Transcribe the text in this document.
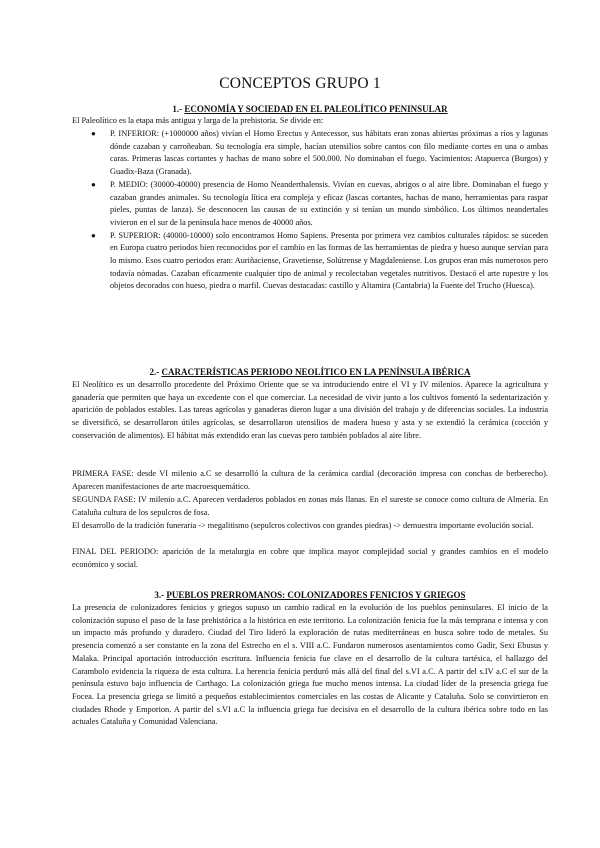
CONCEPTOS GRUPO 1
1.- ECONOMÍA Y SOCIEDAD EN EL PALEOLÍTICO PENINSULAR

El Paleolítico es la etapa más antigua y larga de la prehistoria. Se divide en:

● P. INFERIOR: (+1000000 años) vivían el Homo Erectus y Antecessor, sus hábitats eran zonas abiertas próximas a ríos y lagunas dónde cazaban y carroñeaban. Su tecnología era simple, hacían utensilios sobre cantos con filo mediante cortes en una o ambas caras. Primeras lascas cortantes y hachas de mano sobre el 500.000. No dominaban el fuego. Yacimientos: Atapuerca (Burgos) y Guadix-Baza (Granada).
● P. MEDIO: (30000-40000) presencia de Homo Neanderthalensis. Vivían en cuevas, abrigos o al aire libre. Dominaban el fuego y cazaban grandes animales. Su tecnología lítica era compleja y eficaz (lascas cortantes, hachas de mano, herramientas para raspar pieles, puntas de lanza). Se desconocen las causas de su extinción y si tenían un mundo simbólico. Los últimos neandertales vivieron en el sur de la península hace menos de 40000 años.
● P. SUPERIOR: (40000-10000) solo encontramos Homo Sapiens. Presenta por primera vez cambios culturales rápidos: se suceden en Europa cuatro periodos bien reconocidos por el cambio en las formas de las herramientas de piedra y hueso aunque servían para lo mismo. Esos cuatro periodos eran: Auriñaciense, Gravetiense, Solútrense y Magdaleniense. Los grupos eran más numerosos pero todavía nómadas. Cazaban eficazmente cualquier tipo de animal y recolectaban vegetales nutritivos. Destacó el arte rupestre y los objetos decorados con hueso, piedra o marfil. Cuevas destacadas: castillo y Altamira (Cantabria) la Fuente del Trucho (Huesca).
2.- CARACTERÍSTICAS PERIODO NEOLÍTICO EN LA PENÍNSULA IBÉRICA

El Neolítico es un desarrollo procedente del Próximo Oriente que se va introduciendo entre el VI y IV milenios. Aparece la agricultura y ganadería que permiten que haya un excedente con el que comerciar. La necesidad de vivir junto a los cultivos fomentó la sedentarización y aparición de poblados estables. Las tareas agrícolas y ganaderas dieron lugar a una división del trabajo y de diferencias sociales. La industria se diversificó, se desarrollaron útiles agrícolas, se desarrollaron utensilios de madera hueso y asta y se extendió la cerámica (cocción y conservación de alimentos). El hábitat más extendido eran las cuevas pero también poblados al aire libre.

PRIMERA FASE: desde VI milenio a.C se desarrolló la cultura de la cerámica cardial (decoración impresa con conchas de berberecho). Aparecen manifestaciones de arte macroesquemático.

SEGUNDA FASE: IV milenio a.C. Aparecen verdaderos poblados en zonas más llanas. En el sureste se conoce como cultura de Almería. En Cataluña cultura de los sepulcros de fosa.

El desarrollo de la tradición funeraria -> megalitismo (sepulcros colectivos con grandes piedras) -> demuestra importante evolución social.

FINAL DEL PERIODO: aparición de la metalurgia en cobre que implica mayor complejidad social y grandes cambios en el modelo económico y social.

3.- PUEBLOS PRERROMANOS: COLONIZADORES FENICIOS Y GRIEGOS

La presencia de colonizadores fenicios y griegos supuso un cambio radical en la evolución de los pueblos peninsulares. El inicio de la colonización supuso el paso de la fase prehistórica a la histórica en este territorio. La colonización fenicia fue la más temprana e intensa y con un impacto más profundo y duradero. Ciudad del Tiro lideró la exploración de rutas mediterráneas en busca sobre todo de metales. Su presencia comenzó a ser constante en la zona del Estrecho en el s. VIII a.C. Fundaron numerosos asentamientos como Gadir, Sexi Ebusus y Malaka. Principal aportación introducción escritura. Influencia fenicia fue clave en el desarrollo de la cultura tartésica, el hallazgo del Carambolo evidencia la riqueza de esta cultura. La herencia fenicia perduró más allá del final del s.VI a.C. A partir del s.IV a.C el sur de la península estuvo bajo influencia de Carthago. La colonización griega fue mucho menos intensa. La ciudad líder de la presencia griega fue Focea. La presencia griega se limitó a pequeños establecimientos comerciales en las costas de Alicante y Cataluña. Solo se convirtieron en ciudades Rhode y Emporion. A partir del s.VI a.C la influencia griega fue decisiva en el desarrollo de la cultura ibérica sobre todo en las actuales Cataluña y Comunidad Valenciana.
